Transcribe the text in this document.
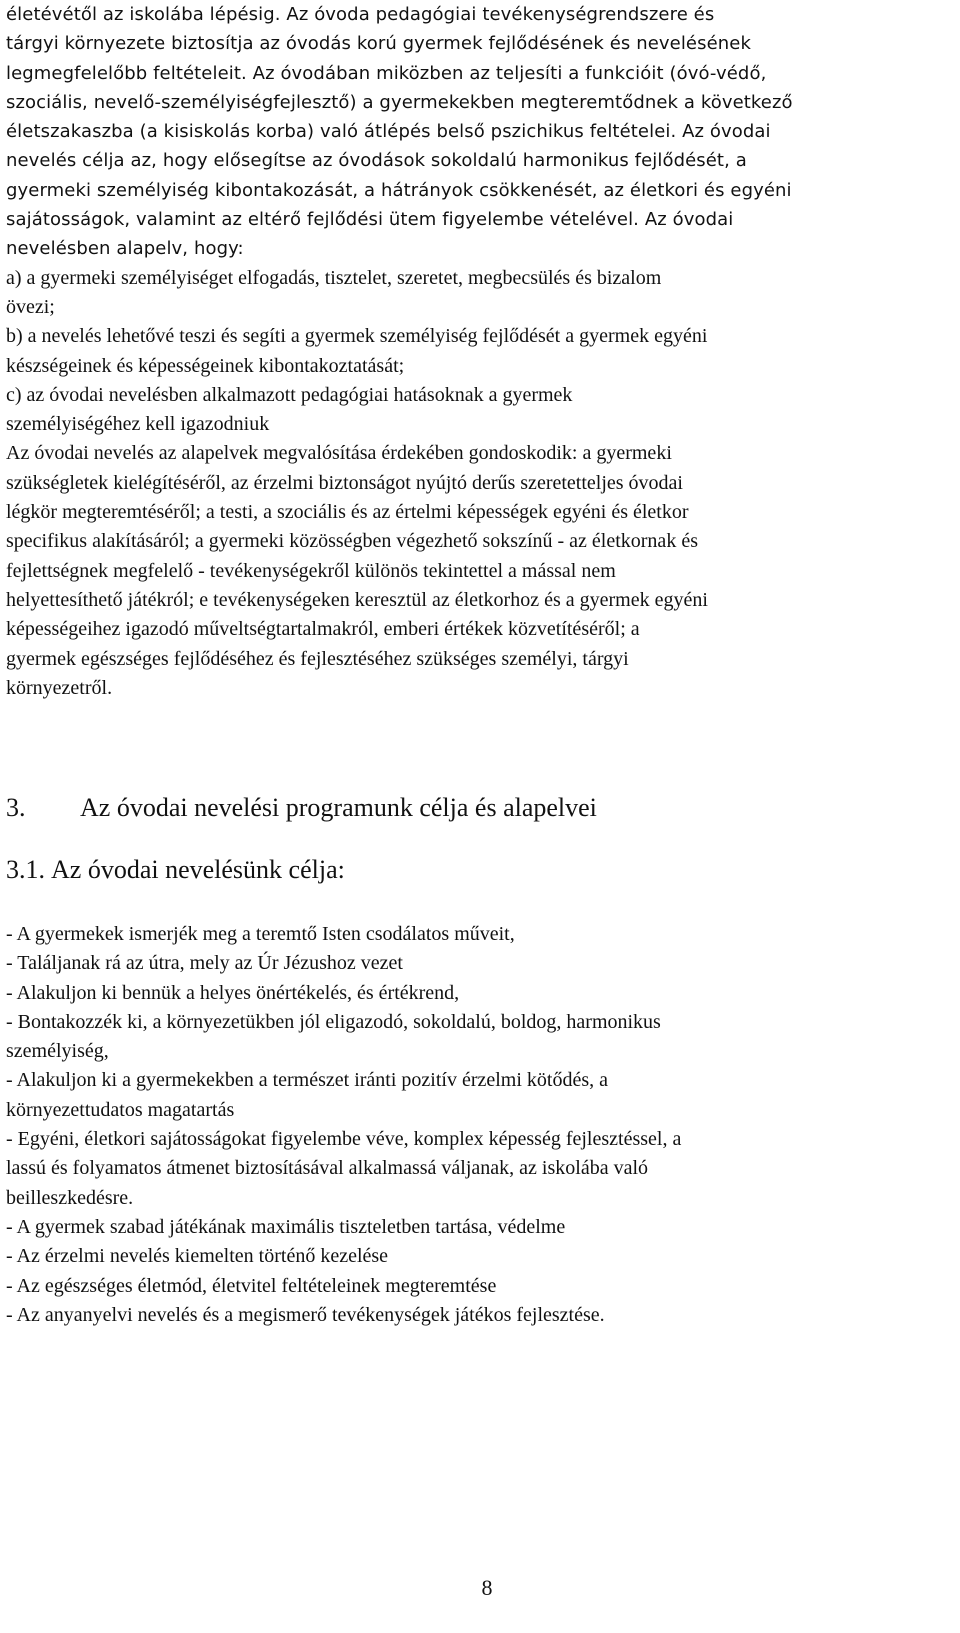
életévétől az iskolába lépésig. Az óvoda pedagógiai tevékenységrendszere és
tárgyi környezete biztosítja az óvodás korú gyermek fejlődésének és nevelésének
legmegfelelőbb feltételeit. Az óvodában miközben az teljesíti a funkcióit (óvó-védő,
szociális, nevelő-személyiségfejlesztő) a gyermekekben megteremtődnek a következő
életszakaszba (a kisiskolás korba) való átlépés belső pszichikus feltételei. Az óvodai
nevelés célja az, hogy elősegítse az óvodások sokoldalú harmonikus fejlődését, a
gyermeki személyiség kibontakozását, a hátrányok csökkenését, az életkori és egyéni
sajátosságok, valamint az eltérő fejlődési ütem figyelembe vételével. Az óvodai
nevelésben alapelv, hogy:
a) a gyermeki személyiséget elfogadás, tisztelet, szeretet, megbecsülés és bizalom
övezi;
b) a nevelés lehetővé teszi és segíti a gyermek személyiség fejlődését a gyermek egyéni
készségeinek és képességeinek kibontakoztatását;
c) az óvodai nevelésben alkalmazott pedagógiai hatásoknak a gyermek
személyiségéhez kell igazodniuk
Az óvodai nevelés az alapelvek megvalósítása érdekében gondoskodik: a gyermeki
szükségletek kielégítéséről, az érzelmi biztonságot nyújtó derűs szeretetteljes óvodai
légkör megteremtéséről; a testi, a szociális és az értelmi képességek egyéni és életkor
specifikus alakításáról; a gyermeki közösségben végezhető sokszínű - az életkornak és
fejlettségnek megfelelő - tevékenységekről különös tekintettel a mással nem
helyettesíthető játékról; e tevékenységeken keresztül az életkorhoz és a gyermek egyéni
képességeihez igazodó műveltségtartalmakról, emberi értékek közvetítéséről; a
gyermek egészséges fejlődéséhez és fejlesztéséhez szükséges személyi, tárgyi
környezetről.
3. Az óvodai nevelési programunk célja és alapelvei
3.1. Az óvodai nevelésünk célja:
- A gyermekek ismerjék meg a teremtő Isten csodálatos műveit,
- Találjanak rá az útra, mely az Úr Jézushoz vezet
- Alakuljon ki bennük a helyes önértékelés, és értékrend,
- Bontakozzék ki, a környezetükben jól eligazodó, sokoldalú, boldog, harmonikus
személyiség,
- Alakuljon ki a gyermekekben a természet iránti pozitív érzelmi kötődés, a
környezettudatos magatartás
- Egyéni, életkori sajátosságokat figyelembe véve, komplex képesség fejlesztéssel, a
lassú és folyamatos átmenet biztosításával alkalmassá váljanak, az iskolába való
beilleszkedésre.
- A gyermek szabad játékának maximális tiszteletben tartása, védelme
- Az érzelmi nevelés kiemelten történő kezelése
- Az egészséges életmód, életvitel feltételeinek megteremtése
- Az anyanyelvi nevelés és a megismerő tevékenységek játékos fejlesztése.
8
